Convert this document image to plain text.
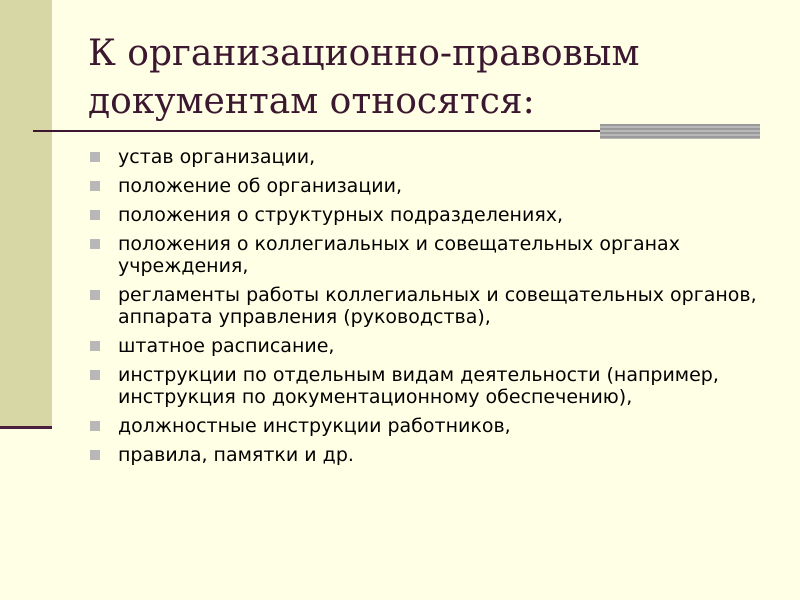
К организационно-правовым
документам относятся:
устав организации,
положение об организации,
положения о структурных подразделениях,
положения о коллегиальных и совещательных органах учреждения,
регламенты работы коллегиальных и совещательных органов, аппарата управления (руководства),
штатное расписание,
инструкции по отдельным видам деятельности (например, инструкция по документационному обеспечению),
должностные инструкции работников,
правила, памятки и др.
